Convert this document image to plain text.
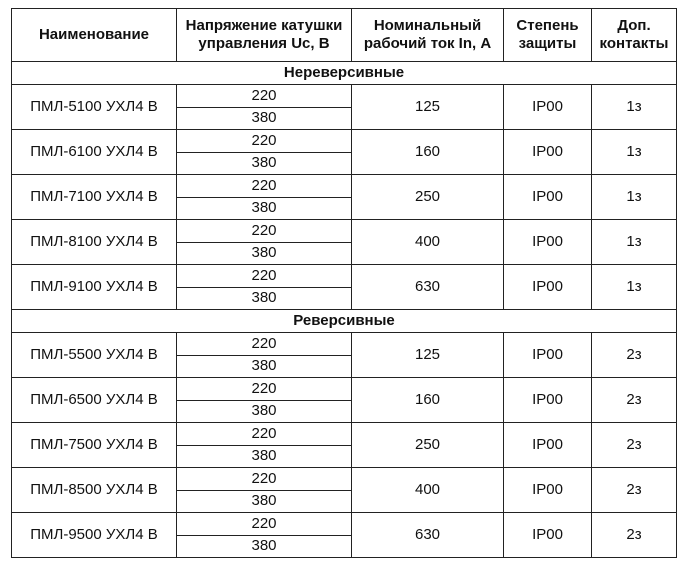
Наименование	Напряжение катушки управления Uc, В	Номинальный рабочий ток In, А	Степень защиты	Доп. контакты
Нереверсивные				
ПМЛ-5100 УХЛ4 В	220	125	IP00	1з
	380			
ПМЛ-6100 УХЛ4 В	220	160	IP00	1з
	380			
ПМЛ-7100 УХЛ4 В	220	250	IP00	1з
	380			
ПМЛ-8100 УХЛ4 В	220	400	IP00	1з
	380			
ПМЛ-9100 УХЛ4 В	220	630	IP00	1з
	380			
Реверсивные				
ПМЛ-5500 УХЛ4 В	220	125	IP00	2з
	380			
ПМЛ-6500 УХЛ4 В	220	160	IP00	2з
	380			
ПМЛ-7500 УХЛ4 В	220	250	IP00	2з
	380			
ПМЛ-8500 УХЛ4 В	220	400	IP00	2з
	380			
ПМЛ-9500 УХЛ4 В	220	630	IP00	2з
	380			
